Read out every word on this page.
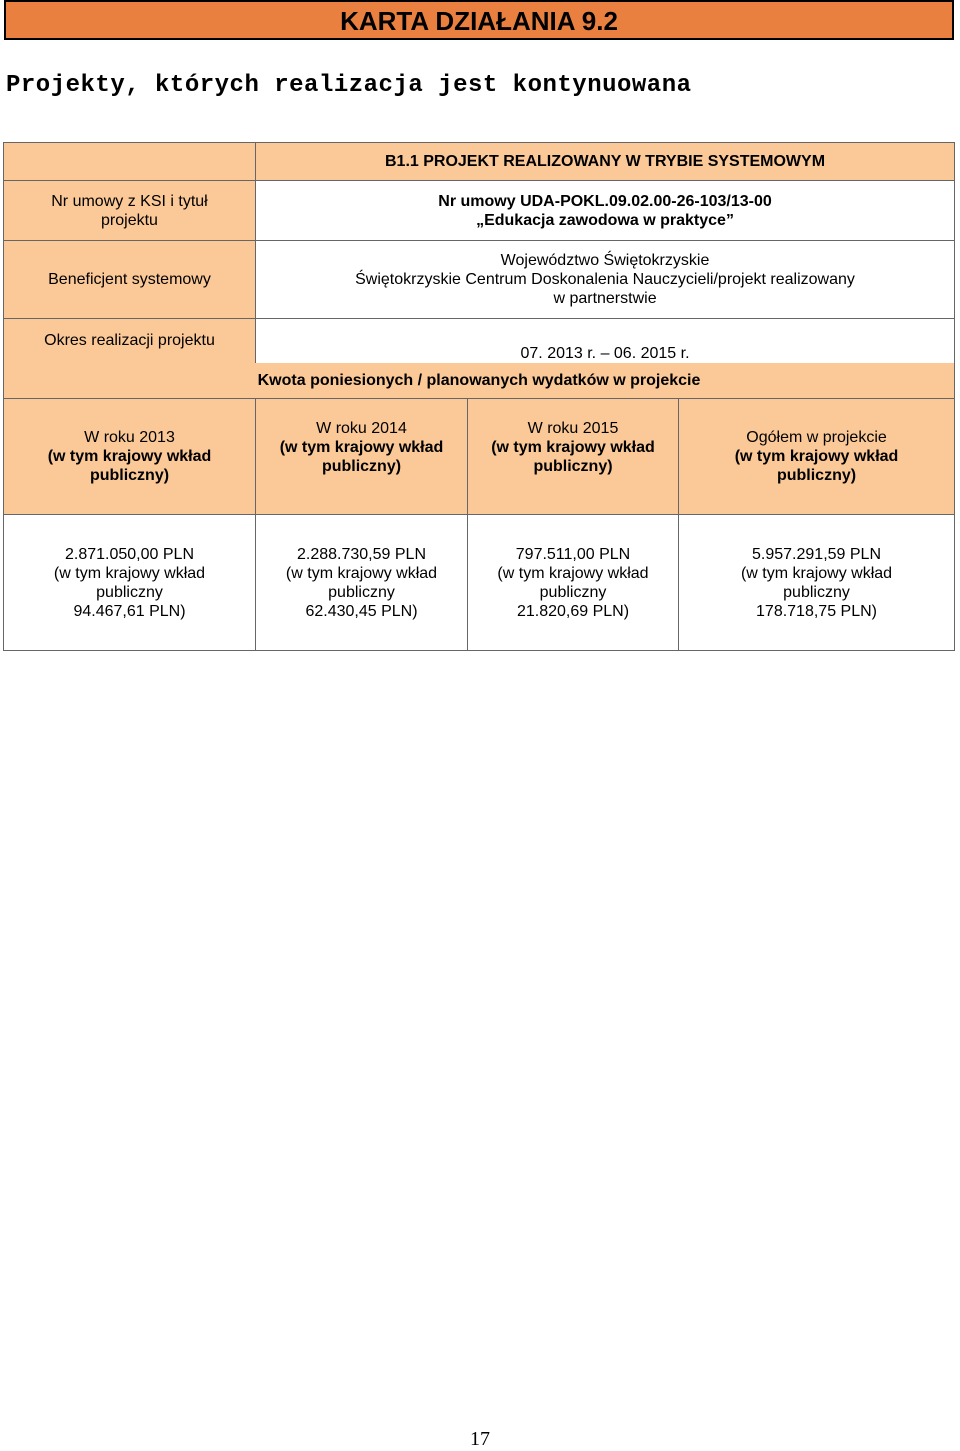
KARTA DZIAŁANIA 9.2
Projekty, których realizacja jest kontynuowana
	B1.1 PROJEKT REALIZOWANY W TRYBIE SYSTEMOWYM		

Nr umowy z KSI i tytuł
projektu	Nr umowy UDA-POKL.09.02.00-26-103/13-00
„Edukacja zawodowa w praktyce”		

Beneficjent systemowy	Województwo Świętokrzyskie
Świętokrzyskie Centrum Doskonalenia Nauczycieli/projekt realizowany
w partnerstwie		

Okres realizacji projektu	07. 2013 r. – 06. 2015 r.		
Kwota poniesionych / planowanych wydatków w projekcie			

W roku 2013
(w tym krajowy wkład
publiczny)	W roku 2014
(w tym krajowy wkład
publiczny)	W roku 2015
(w tym krajowy wkład
publiczny)	Ogółem w projekcie
(w tym krajowy wkład
publiczny)

2.871.050,00 PLN
(w tym krajowy wkład
publiczny
94.467,61 PLN)	2.288.730,59 PLN
(w tym krajowy wkład
publiczny
62.430,45 PLN)	797.511,00 PLN
(w tym krajowy wkład
publiczny
21.820,69 PLN)	5.957.291,59 PLN
(w tym krajowy wkład
publiczny
178.718,75 PLN)
17
